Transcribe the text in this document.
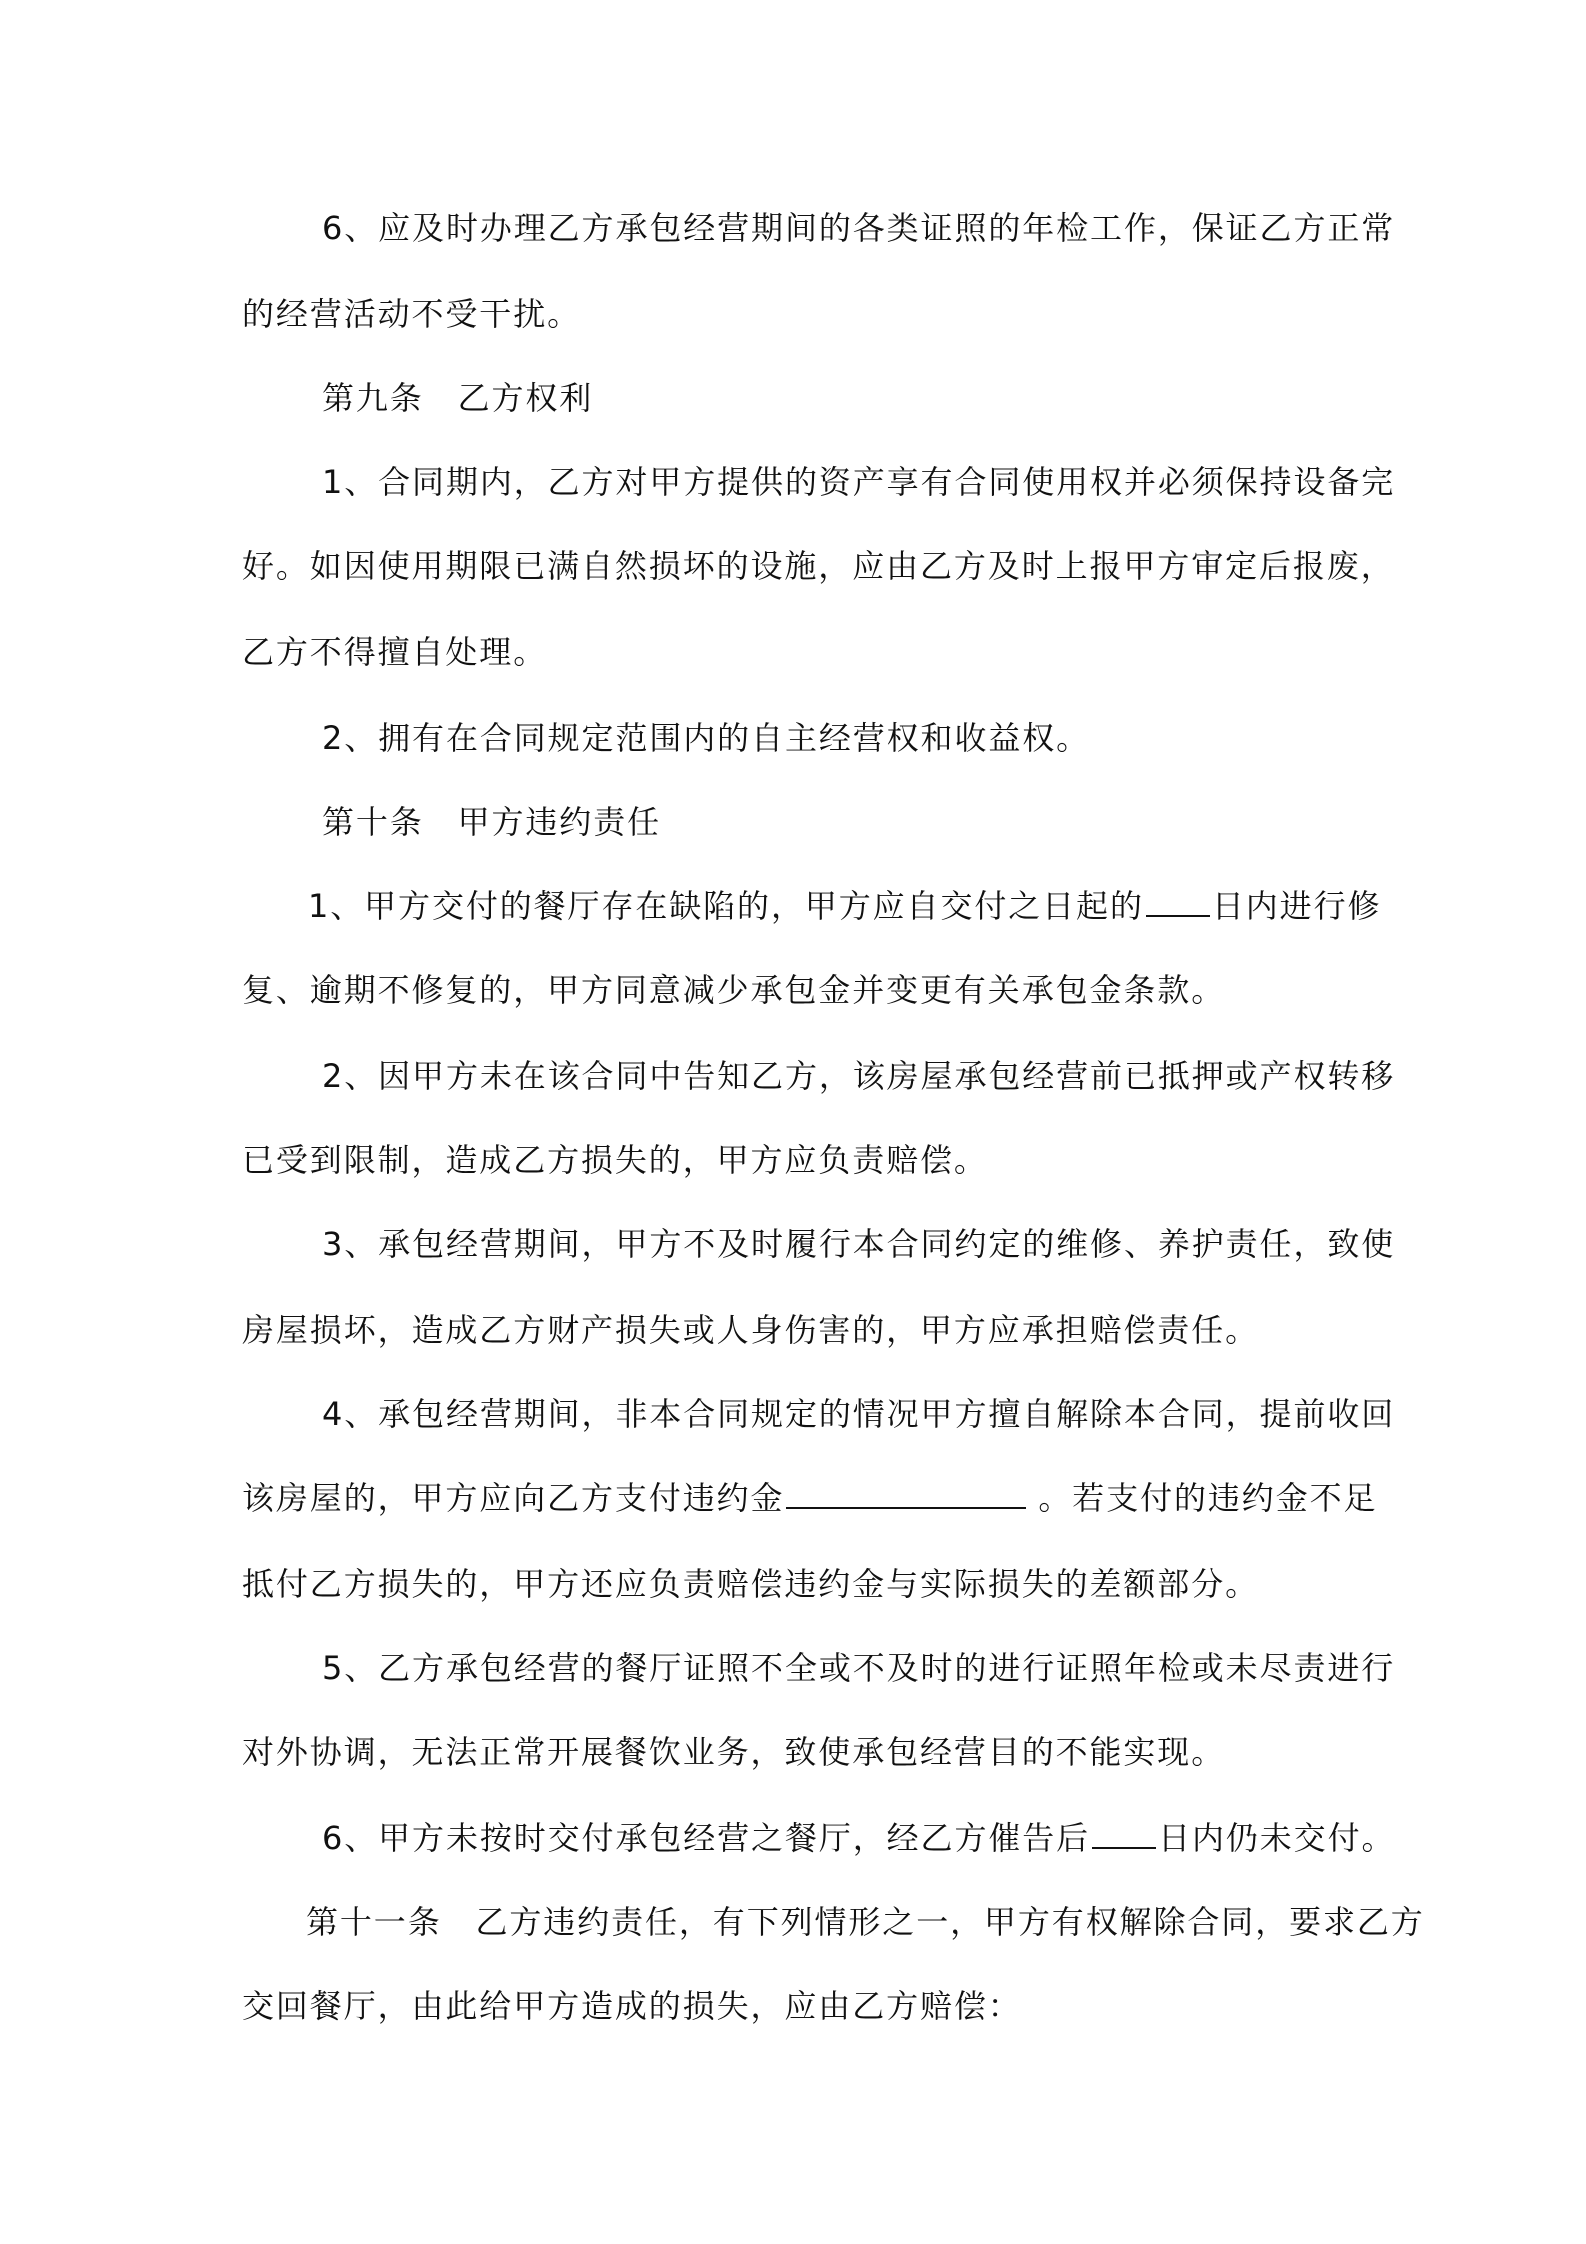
6、应及时办理乙方承包经营期间的各类证照的年检工作，保证乙方正常
的经营活动不受干扰。
第九条　乙方权利
1、合同期内，乙方对甲方提供的资产享有合同使用权并必须保持设备完
好。如因使用期限已满自然损坏的设施，应由乙方及时上报甲方审定后报废，
乙方不得擅自处理。
2、拥有在合同规定范围内的自主经营权和收益权。
第十条　甲方违约责任
1、甲方交付的餐厅存在缺陷的，甲方应自交付之日起的 日内进行修
复、逾期不修复的，甲方同意减少承包金并变更有关承包金条款。
2、因甲方未在该合同中告知乙方，该房屋承包经营前已抵押或产权转移
已受到限制，造成乙方损失的，甲方应负责赔偿。
3、承包经营期间，甲方不及时履行本合同约定的维修、养护责任，致使
房屋损坏，造成乙方财产损失或人身伤害的，甲方应承担赔偿责任。
4、承包经营期间，非本合同规定的情况甲方擅自解除本合同，提前收回
该房屋的，甲方应向乙方支付违约金	。若支付的违约金不足
抵付乙方损失的，甲方还应负责赔偿违约金与实际损失的差额部分。
5、乙方承包经营的餐厅证照不全或不及时的进行证照年检或未尽责进行
对外协调，无法正常开展餐饮业务，致使承包经营目的不能实现。
6、甲方未按时交付承包经营之餐厅，经乙方催告后 日内仍未交付。
第十一条　乙方违约责任，有下列情形之一，甲方有权解除合同，要求乙方
交回餐厅，由此给甲方造成的损失，应由乙方赔偿：
